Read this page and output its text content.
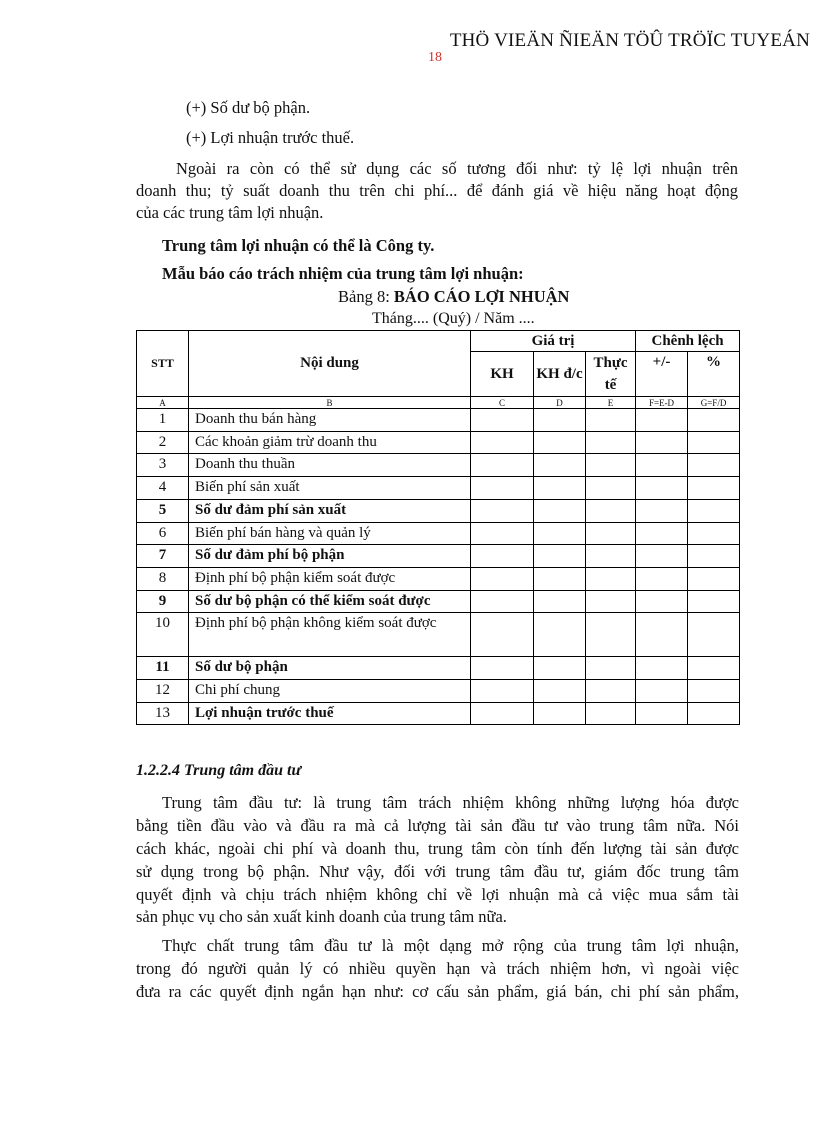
THÖ VIEÄN ÑIEÄN TÖÛ TRÖÏC TUYEÁN
18
(+) Số dư bộ phận.
(+) Lợi nhuận trước thuế.
Ngoài ra còn có thể sử dụng các số tương đối như: tỷ lệ lợi nhuận trên
doanh thu; tỷ suất doanh thu trên chi phí... để đánh giá về hiệu năng hoạt động
của các trung tâm lợi nhuận.
Trung tâm lợi nhuận có thể là Công ty.
Mẫu báo cáo trách nhiệm của trung tâm lợi nhuận:
Bảng 8: BÁO CÁO LỢI NHUẬN
Tháng.... (Quý) / Năm ....
STT	Nội dung	Giá trị			Chênh lệch	
		KH	KH đ/c	Thực tế	+/-	%
A	B	C	D	E	F=E-D	G=F/D
1	Doanh thu bán hàng					
2	Các khoản giảm trừ doanh thu					
3	Doanh thu thuần					
4	Biến phí sản xuất					
5	Số dư đảm phí sản xuất					
6	Biến phí bán hàng và quản lý					
7	Số dư đảm phí bộ phận					
8	Định phí bộ phận kiểm soát được					
9	Số dư bộ phận có thể kiểm soát được					
10	Định phí bộ phận không kiểm soát được					
11	Số dư bộ phận					
12	Chi phí chung					
13	Lợi nhuận trước thuế					
1.2.2.4 Trung tâm đầu tư
Trung tâm đầu tư: là trung tâm trách nhiệm không những lượng hóa được
bằng tiền đầu vào và đầu ra mà cả lượng tài sản đầu tư vào trung tâm nữa. Nói
cách khác, ngoài chi phí và doanh thu, trung tâm còn tính đến lượng tài sản được
sử dụng trong bộ phận. Như vậy, đối với trung tâm đầu tư, giám đốc trung tâm
quyết định và chịu trách nhiệm không chỉ về lợi nhuận mà cả việc mua sắm tài
sản phục vụ cho sản xuất kinh doanh của trung tâm nữa.
Thực chất trung tâm đầu tư là một dạng mở rộng của trung tâm lợi nhuận,
trong đó người quản lý có nhiều quyền hạn và trách nhiệm hơn, vì ngoài việc
đưa ra các quyết định ngắn hạn như: cơ cấu sản phẩm, giá bán, chi phí sản phẩm,
